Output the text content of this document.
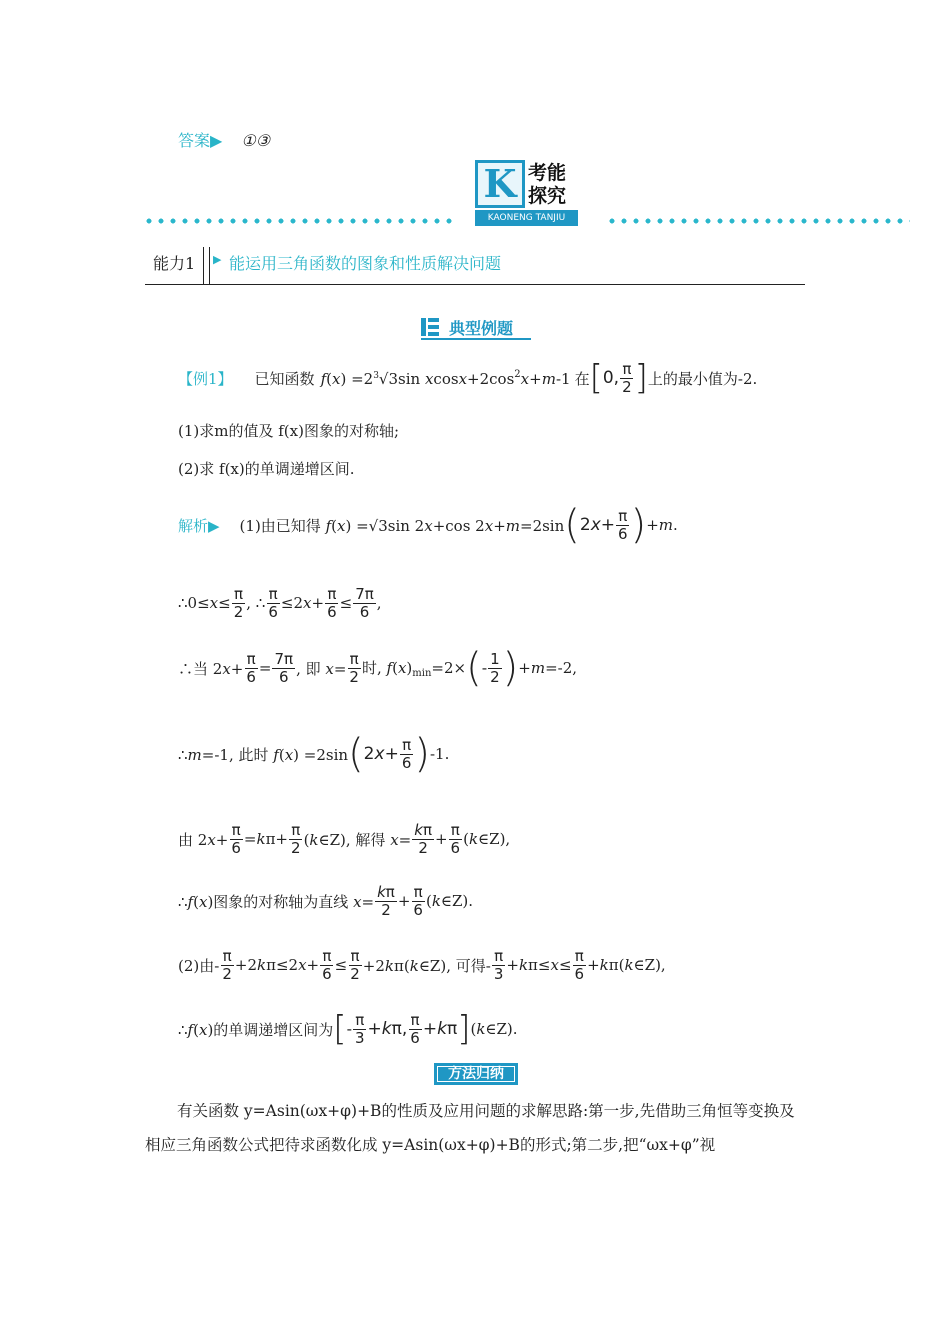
答案▶ ①③
K 考能
探究
KAONENG TANJIU
能力1 ▶ 能运用三角函数的图象和性质解决问题
典型例题
【例1】 已知函数 $f(x) =2^3√3\sin$ $xcosx+2\cos^2x+m-1$ 在 [ 0, $\frac{\pi}{2}$ ] 上的最小值为-2.
(1)求m的值及 f(x)图象的对称轴;
(2)求 f(x)的单调递增区间.
解析▶ (1)由已知得 f(x) =√3sin 2x+cos 2x+m=2sin ( $2x+ \frac{\pi}{6}$ ) +m.
∴0≤x≤ $\frac{\pi}{2}$ , ∴ $\frac{\pi}{6} \le 2x+ \frac{\pi}{6} \le \frac{7\pi}{6}$ ,
∴当 $2x+ \frac{\pi}{6} = \frac{7\pi}{6}$ , 即 $x= \frac{\pi}{2}$ 时, $f(x)_{min}=2\times$ ( - $\frac{1}{2}$ ) +m=-2,
∴m=-1, 此时 f(x) =2sin ( $2x+ \frac{\pi}{6}$ ) -1.
由 $2x+ \frac{\pi}{6} =k\pi+ \frac{\pi}{2}$ (k∈Z), 解得 $x= \frac{k\pi}{2} + \frac{\pi}{6}$ (k∈Z),
∴f(x)图象的对称轴为直线 $x= \frac{k\pi}{2} + \frac{\pi}{6}$ (k∈Z).
(2)由- $\frac{\pi}{2} +2k\pi\le 2x+ \frac{\pi}{6} \le \frac{\pi}{2}$ +2kπ(k∈Z), 可得- $\frac{\pi}{3} +k\pi\le x\le \frac{\pi}{6}$ +kπ(k∈Z),
∴f(x)的单调递增区间为 [ - $\frac{\pi}{3} +k\pi$, $\frac{\pi}{6} +k\pi$ ] (k∈Z).
方法归纳
有关函数 y=Asin(ωx+φ)+B的性质及应用问题的求解思路:第一步,先借助三角恒等变换及相应三角函数公式把待求函数化成 y=Asin(ωx+φ)+B的形式;第二步,把“ωx+φ”视
